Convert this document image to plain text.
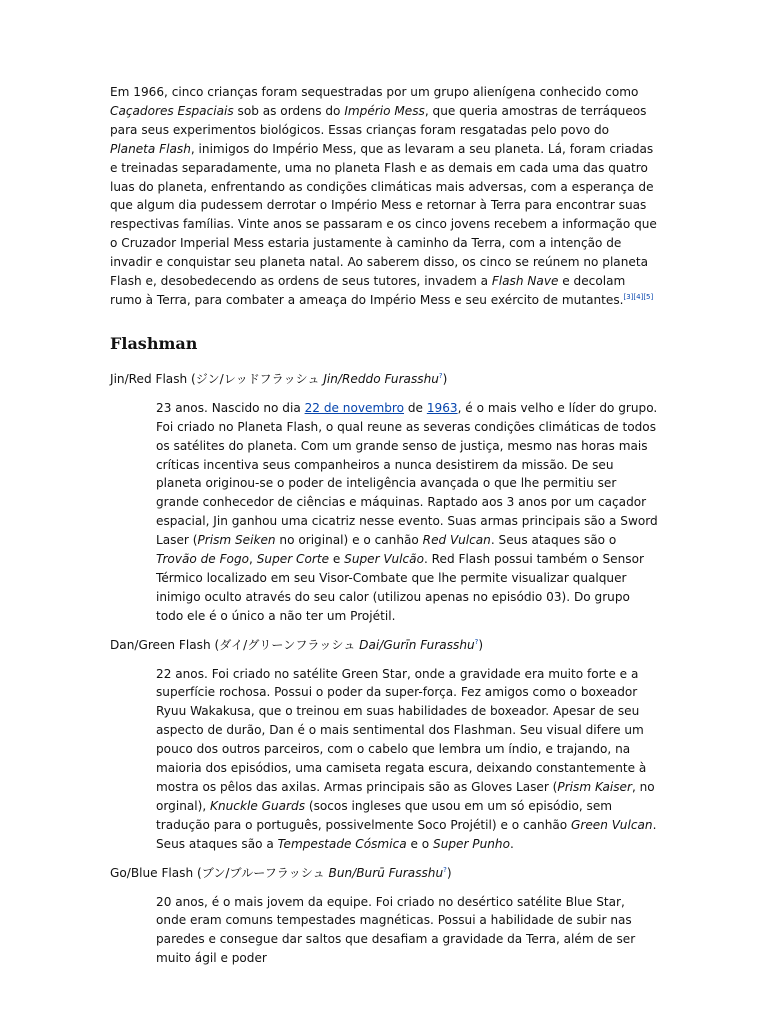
Em 1966, cinco crianças foram sequestradas por um grupo alienígena conhecido como Caçadores Espaciais sob as ordens do Império Mess, que queria amostras de terráqueos para seus experimentos biológicos. Essas crianças foram resgatadas pelo povo do Planeta Flash, inimigos do Império Mess, que as levaram a seu planeta. Lá, foram criadas e treinadas separadamente, uma no planeta Flash e as demais em cada uma das quatro luas do planeta, enfrentando as condições climáticas mais adversas, com a esperança de que algum dia pudessem derrotar o Império Mess e retornar à Terra para encontrar suas respectivas famílias. Vinte anos se passaram e os cinco jovens recebem a informação que o Cruzador Imperial Mess estaria justamente à caminho da Terra, com a intenção de invadir e conquistar seu planeta natal. Ao saberem disso, os cinco se reúnem no planeta Flash e, desobedecendo as ordens de seus tutores, invadem a Flash Nave e decolam rumo à Terra, para combater a ameaça do Império Mess e seu exército de mutantes.[3][4][5]

Flashman

Jin/Red Flash (ジン/レッドフラッシュ Jin/Reddo Furasshu?)

23 anos. Nascido no dia 22 de novembro de 1963, é o mais velho e líder do grupo. Foi criado no Planeta Flash, o qual reune as severas condições climáticas de todos os satélites do planeta. Com um grande senso de justiça, mesmo nas horas mais críticas incentiva seus companheiros a nunca desistirem da missão. De seu planeta originou-se o poder de inteligência avançada o que lhe permitiu ser grande conhecedor de ciências e máquinas. Raptado aos 3 anos por um caçador espacial, Jin ganhou uma cicatriz nesse evento. Suas armas principais são a Sword Laser (Prism Seiken no original) e o canhão Red Vulcan. Seus ataques são o Trovão de Fogo, Super Corte e Super Vulcão. Red Flash possui também o Sensor Térmico localizado em seu Visor-Combate que lhe permite visualizar qualquer inimigo oculto através do seu calor (utilizou apenas no episódio 03). Do grupo todo ele é o único a não ter um Projétil.

Dan/Green Flash (ダイ/グリーンフラッシュ Dai/Gurīn Furasshu?)

22 anos. Foi criado no satélite Green Star, onde a gravidade era muito forte e a superfície rochosa. Possui o poder da super-força. Fez amigos como o boxeador Ryuu Wakakusa, que o treinou em suas habilidades de boxeador. Apesar de seu aspecto de durão, Dan é o mais sentimental dos Flashman. Seu visual difere um pouco dos outros parceiros, com o cabelo que lembra um índio, e trajando, na maioria dos episódios, uma camiseta regata escura, deixando constantemente à mostra os pêlos das axilas. Armas principais são as Gloves Laser (Prism Kaiser, no orginal), Knuckle Guards (socos ingleses que usou em um só episódio, sem tradução para o português, possivelmente Soco Projétil) e o canhão Green Vulcan. Seus ataques são a Tempestade Cósmica e o Super Punho.

Go/Blue Flash (ブン/ブルーフラッシュ Bun/Burū Furasshu?)

20 anos, é o mais jovem da equipe. Foi criado no desértico satélite Blue Star, onde eram comuns tempestades magnéticas. Possui a habilidade de subir nas paredes e consegue dar saltos que desafiam a gravidade da Terra, além de ser muito ágil e poder
